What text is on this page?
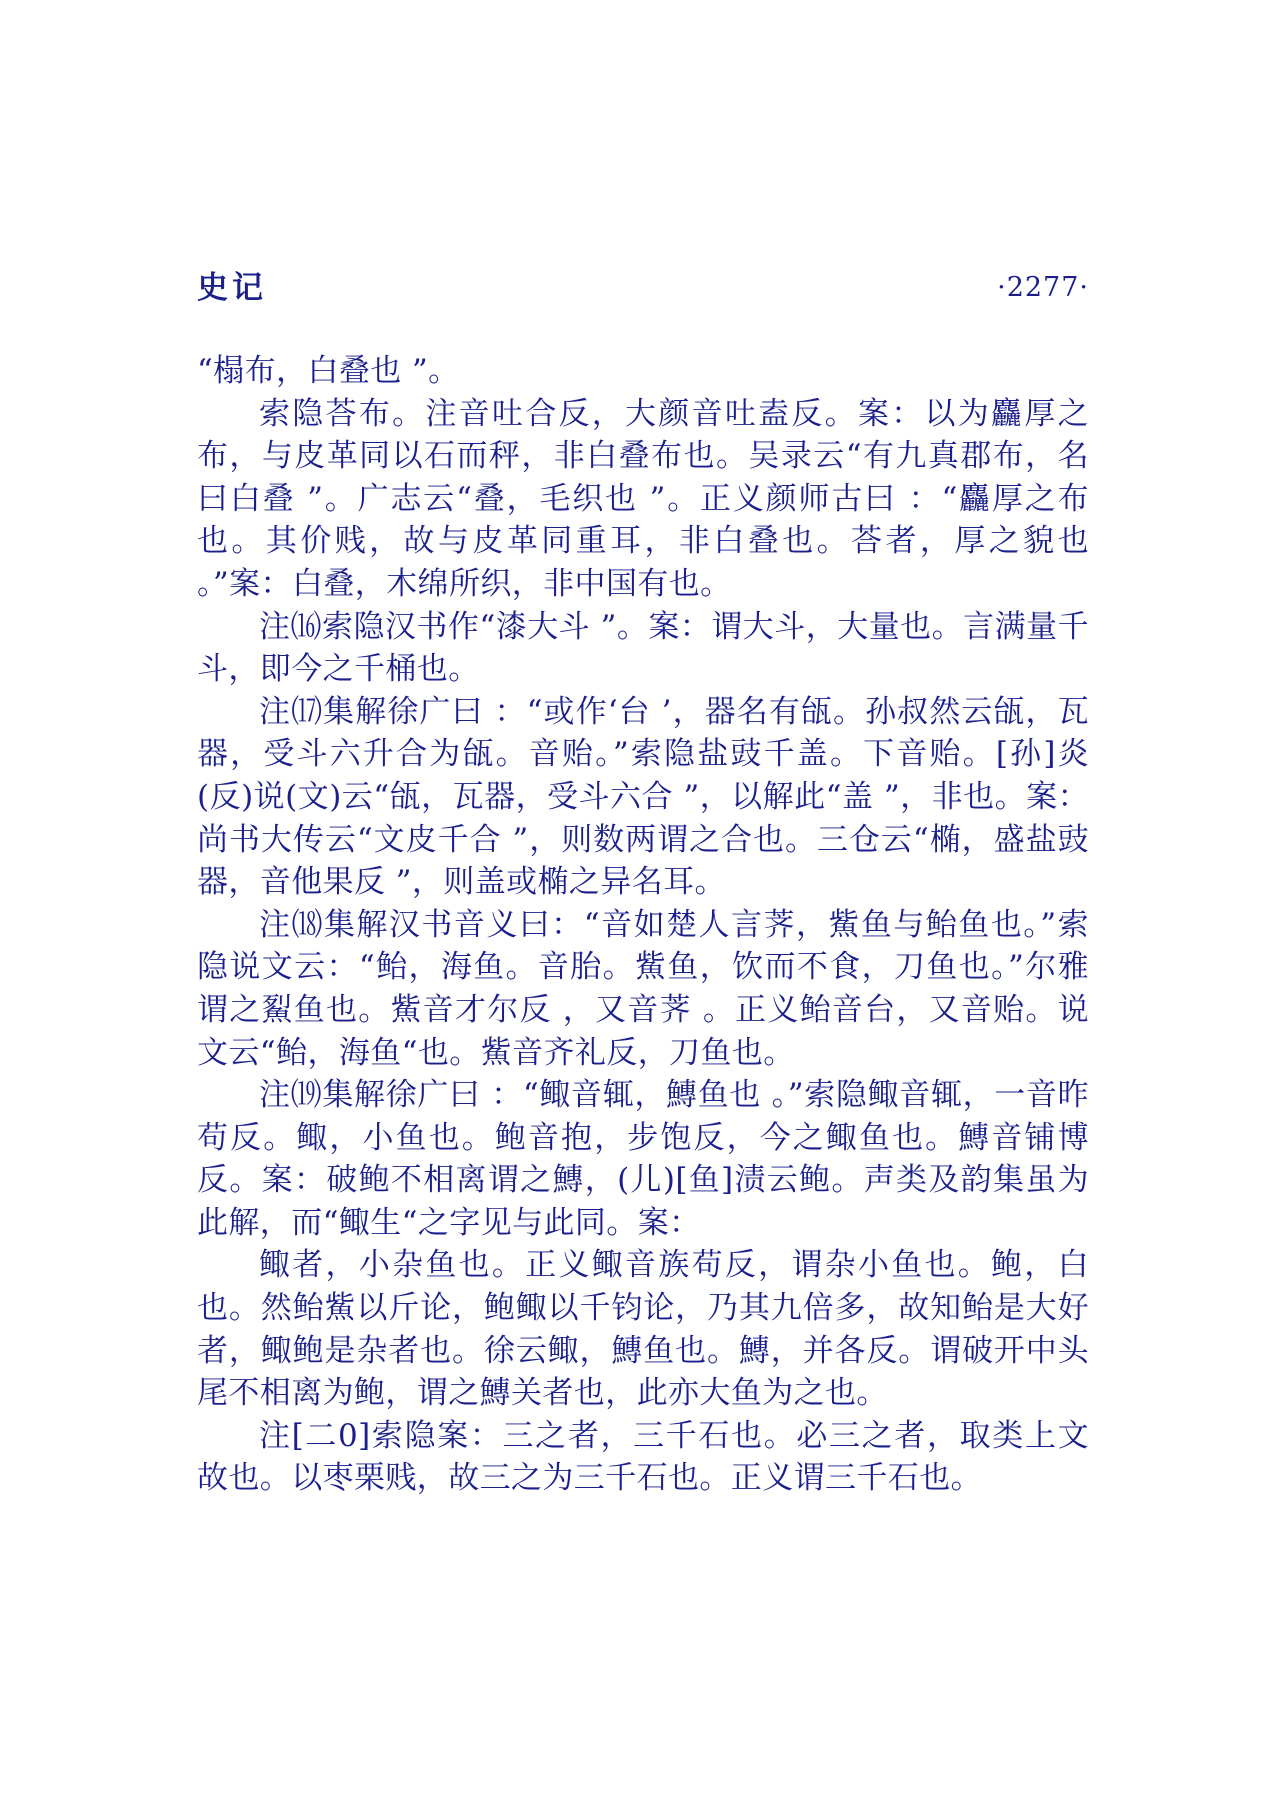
史记	·2277·

“榻布，白叠也 ”。

索隐荅布。注音吐合反，大颜音吐盍反。案：以为麤厚之布，与皮革同以石而秤，非白叠布也。吴录云“有九真郡布，名曰白叠 ”。广志云“叠，毛织也 ”。正义颜师古曰 ：“麤厚之布也。其价贱，故与皮革同重耳，非白叠也。荅者，厚之貌也 。”案：白叠，木绵所织，非中国有也。

注⒃索隐汉书作“漆大斗 ”。案：谓大斗，大量也。言满量千斗，即今之千桶也。

注⒄集解徐广曰 ：“或作‘台 ’，器名有瓵。孙叔然云瓵，瓦器，受斗六升合为瓵。音贻。”索隐盐豉千盖。下音贻。[孙]炎(反)说(文)云“瓵，瓦器，受斗六合 ”，以解此“盖 ”，非也。案：尚书大传云“文皮千合 ”，则数两谓之合也。三仓云“椭，盛盐豉器，音他果反 ”，则盖或椭之异名耳。

注⒅集解汉书音义曰：“音如楚人言荠，鮆鱼与鲐鱼也。”索隐说文云：“鲐，海鱼。音胎。鮆鱼，饮而不食，刀鱼也。”尔雅谓之鮤鱼也。鮆音才尔反 ，又音荠 。正义鲐音台，又音贻。说文云“鲐，海鱼“也。鮆音齐礼反，刀鱼也。

注⒆集解徐广曰 ：“鲰音辄，鱄鱼也 。”索隐鲰音辄，一音昨苟反。鲰，小鱼也。鲍音抱，步饱反，今之鲰鱼也。鱄音铺博反。案：破鲍不相离谓之鱄，(儿)[鱼]渍云鲍。声类及韵集虽为此解，而“鲰生“之字见与此同。案：

鲰者，小杂鱼也。正义鲰音族苟反，谓杂小鱼也。鲍，白也。然鲐鮆以斤论，鲍鲰以千钧论，乃其九倍多，故知鲐是大好者，鲰鲍是杂者也。徐云鲰，鱄鱼也。鱄，并各反。谓破开中头尾不相离为鲍，谓之鱄关者也，此亦大鱼为之也。

注[二0]索隐案：三之者，三千石也。必三之者，取类上文故也。以枣栗贱，故三之为三千石也。正义谓三千石也。
